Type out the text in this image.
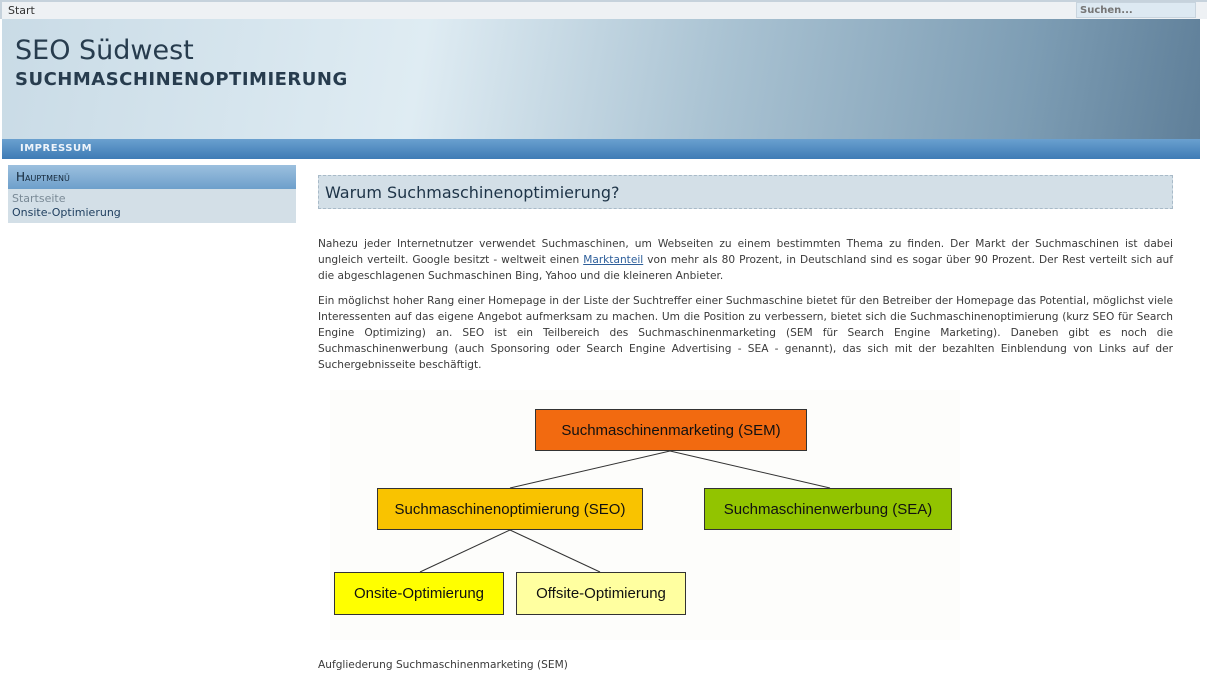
Start
Suchen...
SEO Südwest
SUCHMASCHINENOPTIMIERUNG
IMPRESSUM
Hauptmenü
Startseite
Onsite-Optimierung
Warum Suchmaschinenoptimierung?
Nahezu jeder Internetnutzer verwendet Suchmaschinen, um Webseiten zu einem bestimmten Thema zu finden. Der Markt der Suchmaschinen ist dabei ungleich verteilt. Google besitzt - weltweit einen Marktanteil von mehr als 80 Prozent, in Deutschland sind es sogar über 90 Prozent. Der Rest verteilt sich auf die abgeschlagenen Suchmaschinen Bing, Yahoo und die kleineren Anbieter.
Ein möglichst hoher Rang einer Homepage in der Liste der Suchtreffer einer Suchmaschine bietet für den Betreiber der Homepage das Potential, möglichst viele Interessenten auf das eigene Angebot aufmerksam zu machen. Um die Position zu verbessern, bietet sich die Suchmaschinenoptimierung (kurz SEO für Search Engine Optimizing) an. SEO ist ein Teilbereich des Suchmaschinenmarketing (SEM für Search Engine Marketing). Daneben gibt es noch die Suchmaschinenwerbung (auch Sponsoring oder Search Engine Advertising - SEA - genannt), das sich mit der bezahlten Einblendung von Links auf der Suchergebnisseite beschäftigt.
Suchmaschinenmarketing (SEM)
Suchmaschinenoptimierung (SEO)	Suchmaschinenwerbung (SEA)
Onsite-Optimierung	Offsite-Optimierung
Aufgliederung Suchmaschinenmarketing (SEM)
